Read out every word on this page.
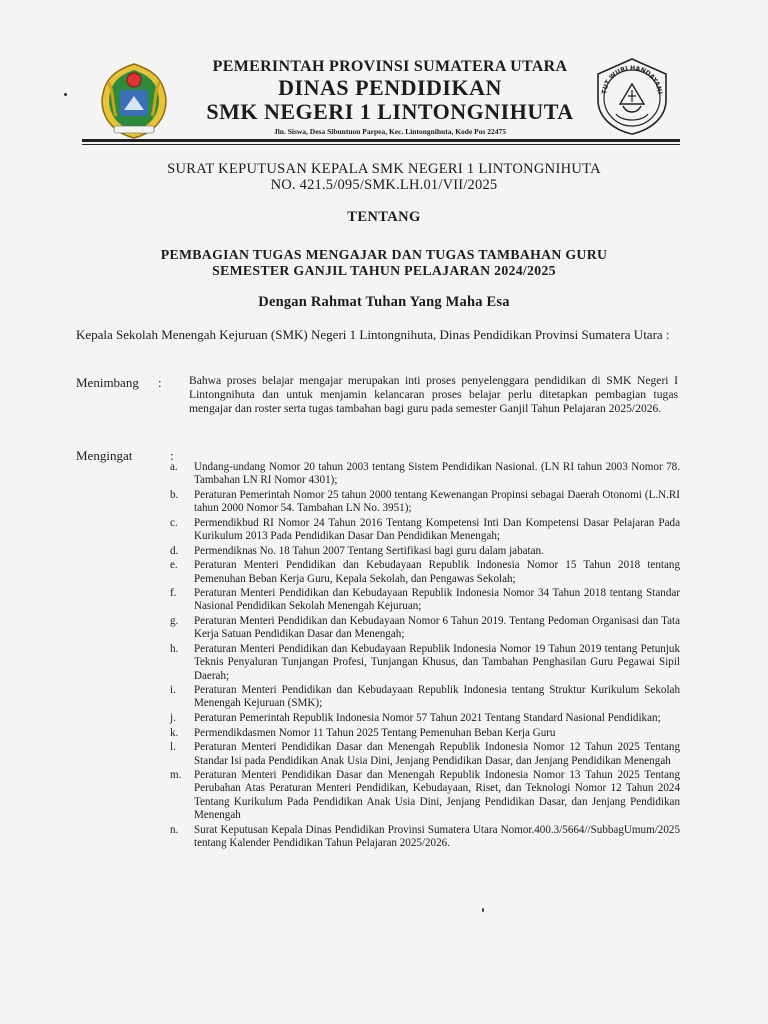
PEMERINTAH PROVINSI SUMATERA UTARA
DINAS PENDIDIKAN
SMK NEGERI 1 LINTONGNIHUTA
Jln. Siswa, Desa Sibuntuon Parpea, Kec. Lintongnihuta, Kode Pos 22475
TUT WURI HANDAYANI
SURAT KEPUTUSAN KEPALA SMK NEGERI 1 LINTONGNIHUTA
NO. 421.5/095/SMK.LH.01/VII/2025
TENTANG
PEMBAGIAN TUGAS MENGAJAR DAN TUGAS TAMBAHAN GURU
SEMESTER GANJIL TAHUN PELAJARAN 2024/2025
Dengan Rahmat Tuhan Yang Maha Esa
Kepala Sekolah Menengah Kejuruan (SMK) Negeri 1 Lintongnihuta, Dinas Pendidikan Provinsi Sumatera Utara :
Menimbang : Bahwa proses belajar mengajar merupakan inti proses penyelenggara pendidikan di SMK Negeri I Lintongnihuta dan untuk menjamin kelancaran proses belajar perlu ditetapkan pembagian tugas mengajar dan roster serta tugas tambahan bagi guru pada semester Ganjil Tahun Pelajaran 2025/2026.
Mengingat	:
a.	Undang-undang Nomor 20 tahun 2003 tentang Sistem Pendidikan Nasional. (LN RI tahun 2003 Nomor 78. Tambahan LN RI Nomor 4301);
b.	Peraturan Pemerintah Nomor 25 tahun 2000 tentang Kewenangan Propinsi sebagai Daerah Otonomi (L.N.RI tahun 2000 Nomor 54. Tambahan LN No. 3951);
c.	Permendikbud RI Nomor 24 Tahun 2016 Tentang Kompetensi Inti Dan Kompetensi Dasar Pelajaran Pada Kurikulum 2013 Pada Pendidikan Dasar Dan Pendidikan Menengah;
d.	Permendiknas No. 18 Tahun 2007 Tentang Sertifikasi bagi guru dalam jabatan.
e.	Peraturan Menteri Pendidikan dan Kebudayaan Republik Indonesia Nomor 15 Tahun 2018 tentang Pemenuhan Beban Kerja Guru, Kepala Sekolah, dan Pengawas Sekolah;
f.	Peraturan Menteri Pendidikan dan Kebudayaan Republik Indonesia Nomor 34 Tahun 2018 tentang Standar Nasional Pendidikan Sekolah Menengah Kejuruan;
g.	Peraturan Menteri Pendidikan dan Kebudayaan Nomor 6 Tahun 2019. Tentang Pedoman Organisasi dan Tata Kerja Satuan Pendidikan Dasar dan Menengah;
h.	Peraturan Menteri Pendidikan dan Kebudayaan Republik Indonesia Nomor 19 Tahun 2019 tentang Petunjuk Teknis Penyaluran Tunjangan Profesi, Tunjangan Khusus, dan Tambahan Penghasilan Guru Pegawai Sipil Daerah;
i.	Peraturan Menteri Pendidikan dan Kebudayaan Republik Indonesia tentang Struktur Kurikulum Sekolah Menengah Kejuruan (SMK);
j.	Peraturan Pemerintah Republik Indonesia Nomor 57 Tahun 2021 Tentang Standard Nasional Pendidikan;
k.	Permendikdasmen Nomor 11 Tahun 2025 Tentang Pemenuhan Beban Kerja Guru
l.	Peraturan Menteri Pendidikan Dasar dan Menengah Republik Indonesia Nomor 12 Tahun 2025 Tentang Standar Isi pada Pendidikan Anak Usia Dini, Jenjang Pendidikan Dasar, dan Jenjang Pendidikan Menengah
m.	Peraturan Menteri Pendidikan Dasar dan Menengah Republik Indonesia Nomor 13 Tahun 2025 Tentang Perubahan Atas Peraturan Menteri Pendidikan, Kebudayaan, Riset, dan Teknologi Nomor 12 Tahun 2024 Tentang Kurikulum Pada Pendidikan Anak Usia Dini, Jenjang Pendidikan Dasar, dan Jenjang Pendidikan Menengah
n.	Surat Keputusan Kepala Dinas Pendidikan Provinsi Sumatera Utara Nomor.400.3/5664//SubbagUmum/2025 tentang Kalender Pendidikan Tahun Pelajaran 2025/2026.
